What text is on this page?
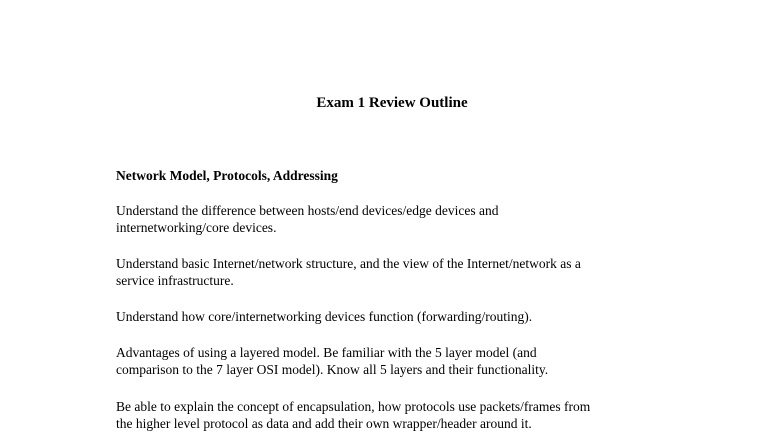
Exam 1 Review Outline
Network Model, Protocols, Addressing

Understand the difference between hosts/end devices/edge devices and
internetworking/core devices.

Understand basic Internet/network structure, and the view of the Internet/network as a
service infrastructure.

Understand how core/internetworking devices function (forwarding/routing).

Advantages of using a layered model. Be familiar with the 5 layer model (and
comparison to the 7 layer OSI model). Know all 5 layers and their functionality.

Be able to explain the concept of encapsulation, how protocols use packets/frames from
the higher level protocol as data and add their own wrapper/header around it.
